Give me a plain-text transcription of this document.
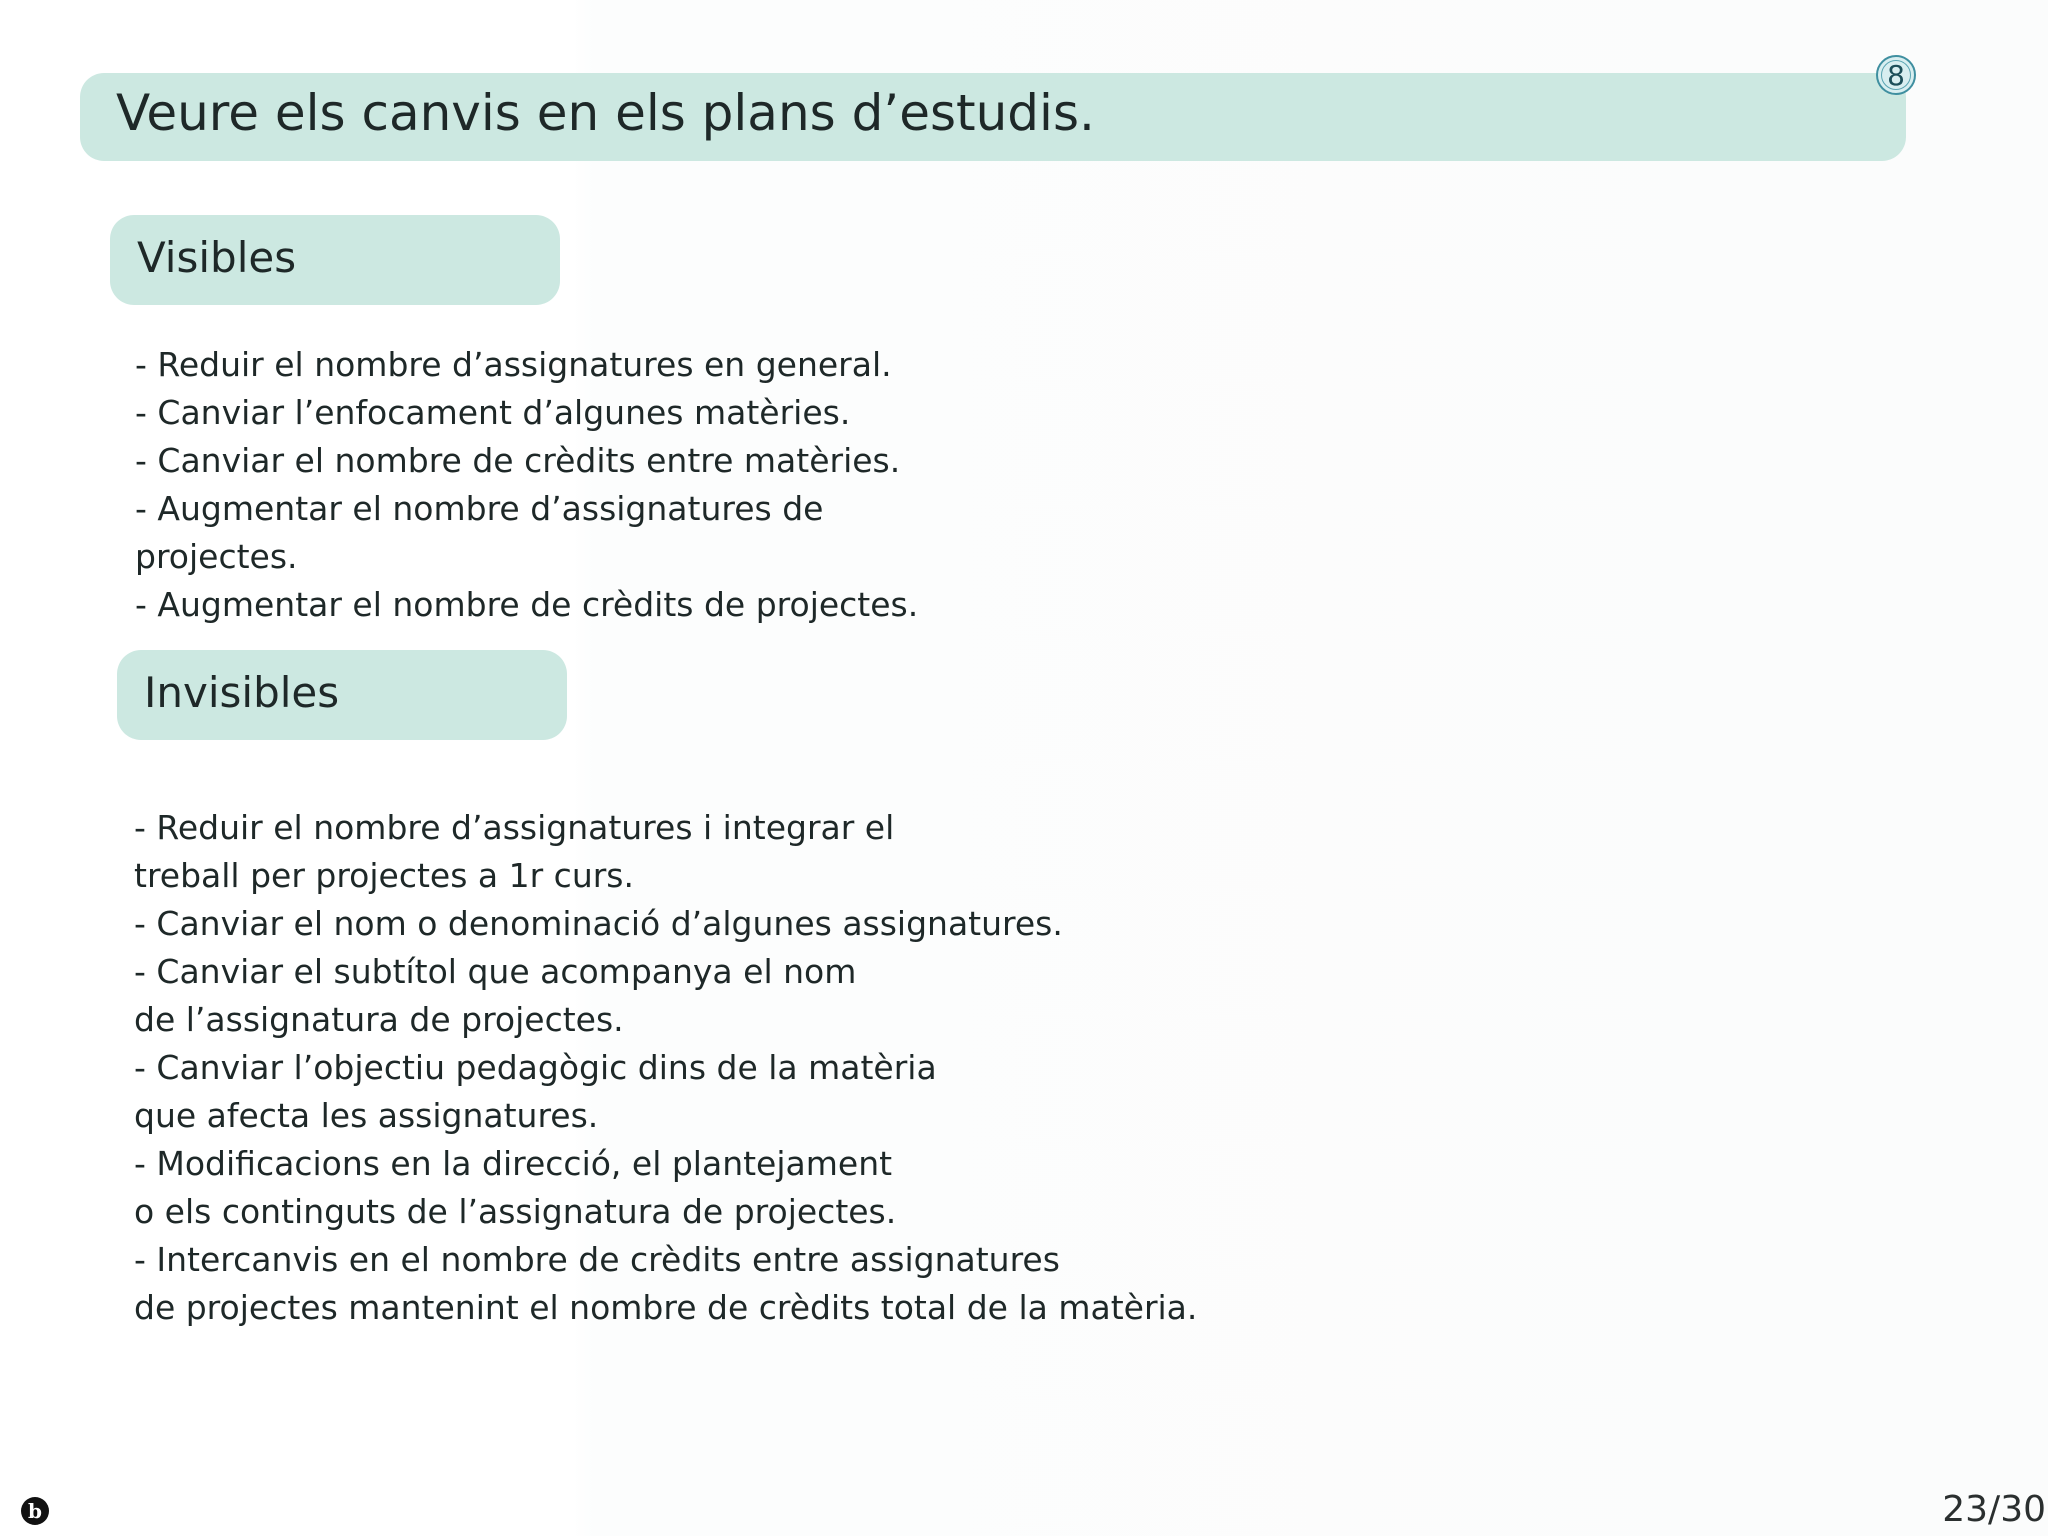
Veure els canvis en els plans d’estudis.
8
Visibles
- Reduir el nombre d’assignatures en general.
- Canviar l’enfocament d’algunes matèries.
- Canviar el nombre de crèdits entre matèries.
- Augmentar el nombre d’assignatures de
projectes.
- Augmentar el nombre de crèdits de projectes.
Invisibles
- Reduir el nombre d’assignatures i integrar el
treball per projectes a 1r curs.
- Canviar el nom o denominació d’algunes assignatures.
- Canviar el subtítol que acompanya el nom
de l’assignatura de projectes.
- Canviar l’objectiu pedagògic dins de la matèria
que afecta les assignatures.
- Modificacions en la direcció, el plantejament
o els continguts de l’assignatura de projectes.
- Intercanvis en el nombre de crèdits entre assignatures
de projectes mantenint el nombre de crèdits total de la matèria.
b	23/30
